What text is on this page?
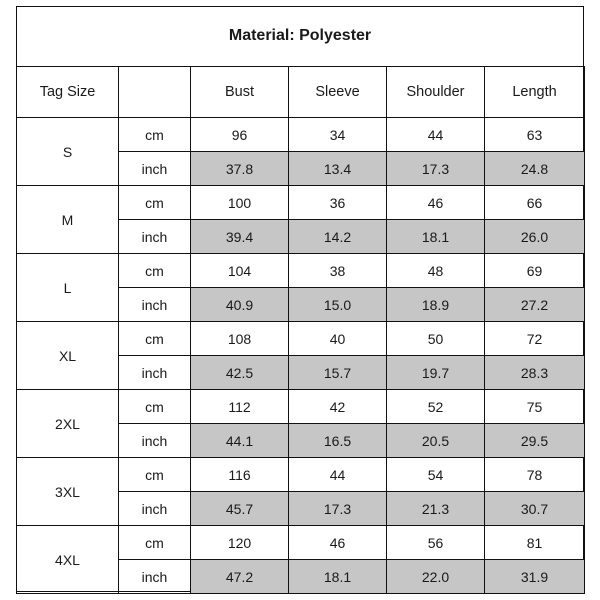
Material: Polyester
Tag Size		Bust	Sleeve	Shoulder	Length
S	cm	96	34	44	63
	inch	37.8	13.4	17.3	24.8
M	cm	100	36	46	66
	inch	39.4	14.2	18.1	26.0
L	cm	104	38	48	69
	inch	40.9	15.0	18.9	27.2
XL	cm	108	40	50	72
	inch	42.5	15.7	19.7	28.3
2XL	cm	112	42	52	75
	inch	44.1	16.5	20.5	29.5
3XL	cm	116	44	54	78
	inch	45.7	17.3	21.3	30.7
4XL	cm	120	46	56	81
	inch	47.2	18.1	22.0	31.9
